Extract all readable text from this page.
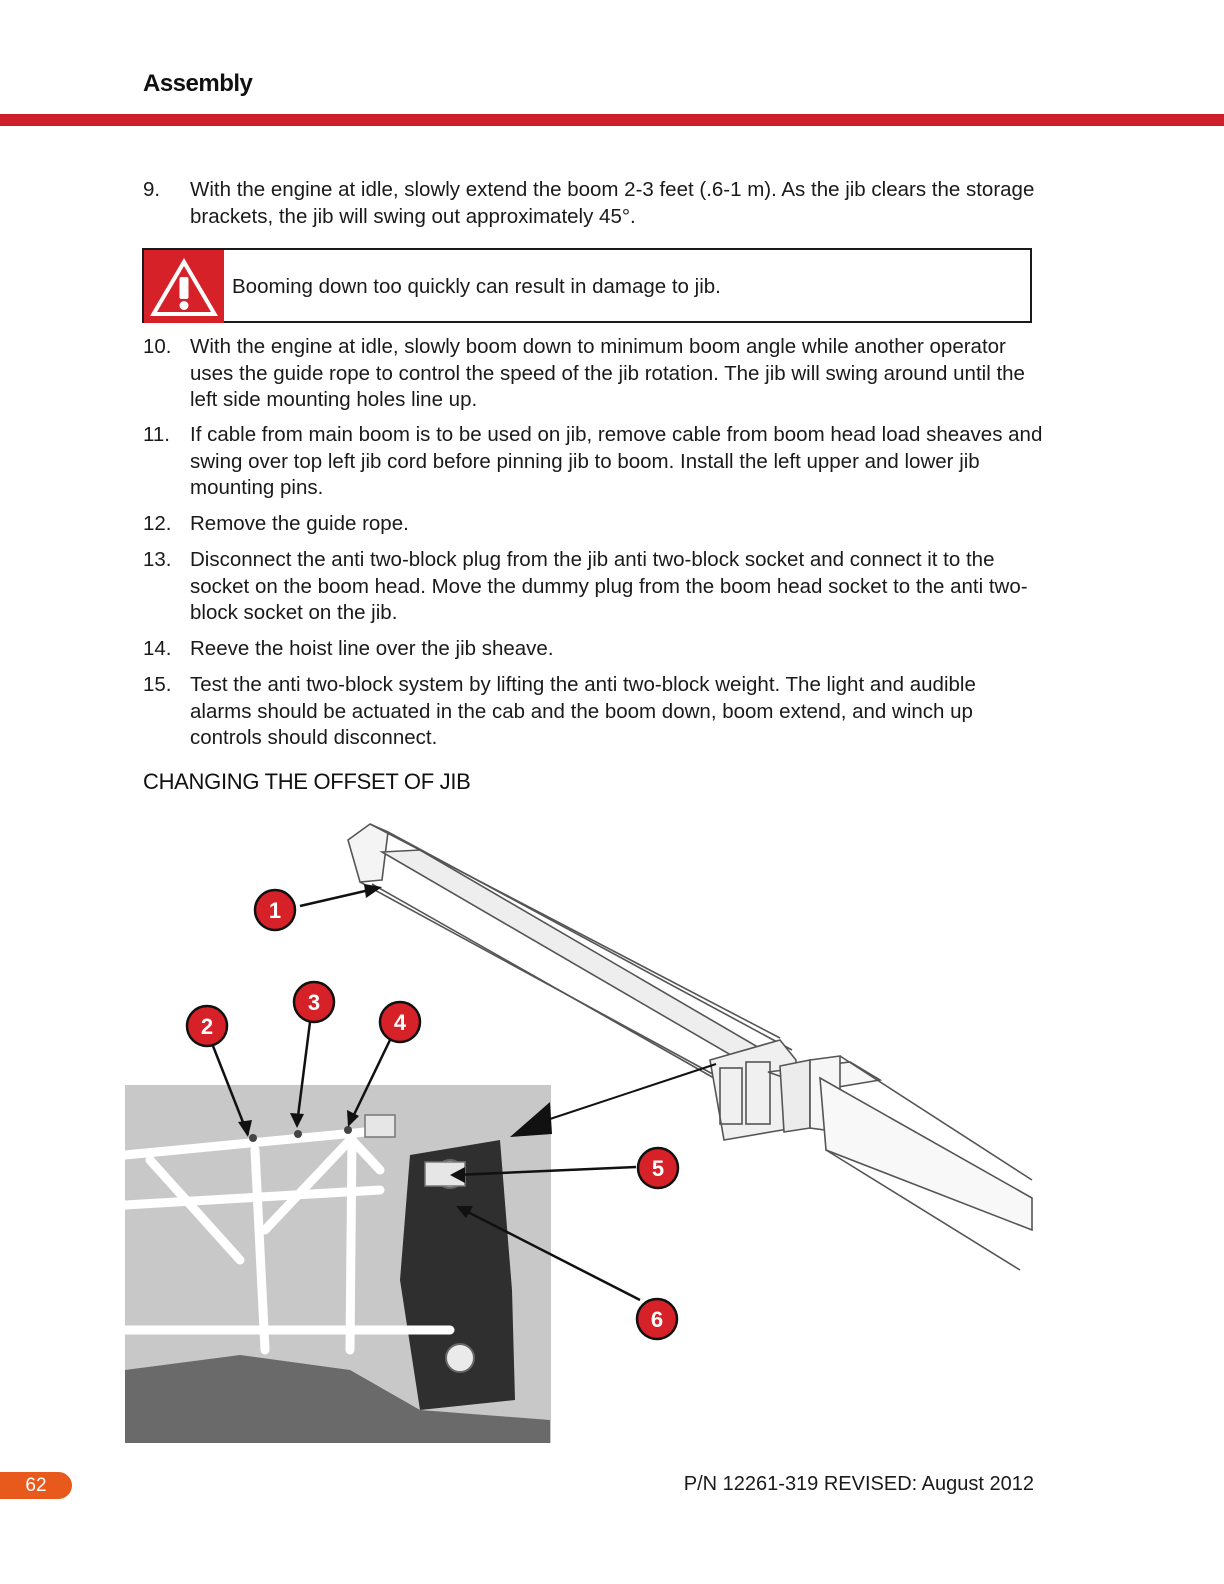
Assembly
9. With the engine at idle, slowly extend the boom 2-3 feet (.6-1 m). As the jib clears the storage brackets, the jib will swing out approximately 45°.
Booming down too quickly can result in damage to jib.
10. With the engine at idle, slowly boom down to minimum boom angle while another operator uses the guide rope to control the speed of the jib rotation. The jib will swing around until the left side mounting holes line up.
11. If cable from main boom is to be used on jib, remove cable from boom head load sheaves and swing over top left jib cord before pinning jib to boom. Install the left upper and lower jib mounting pins.
12. Remove the guide rope.
13. Disconnect the anti two-block plug from the jib anti two-block socket and connect it to the socket on the boom head. Move the dummy plug from the boom head socket to the anti two-block socket on the jib.
14. Reeve the hoist line over the jib sheave.
15. Test the anti two-block system by lifting the anti two-block weight. The light and audible alarms should be actuated in the cab and the boom down, boom extend, and winch up controls should disconnect.
CHANGING THE OFFSET OF JIB
1
2
3
4
5
6
62	P/N 12261-319 REVISED: August 2012
